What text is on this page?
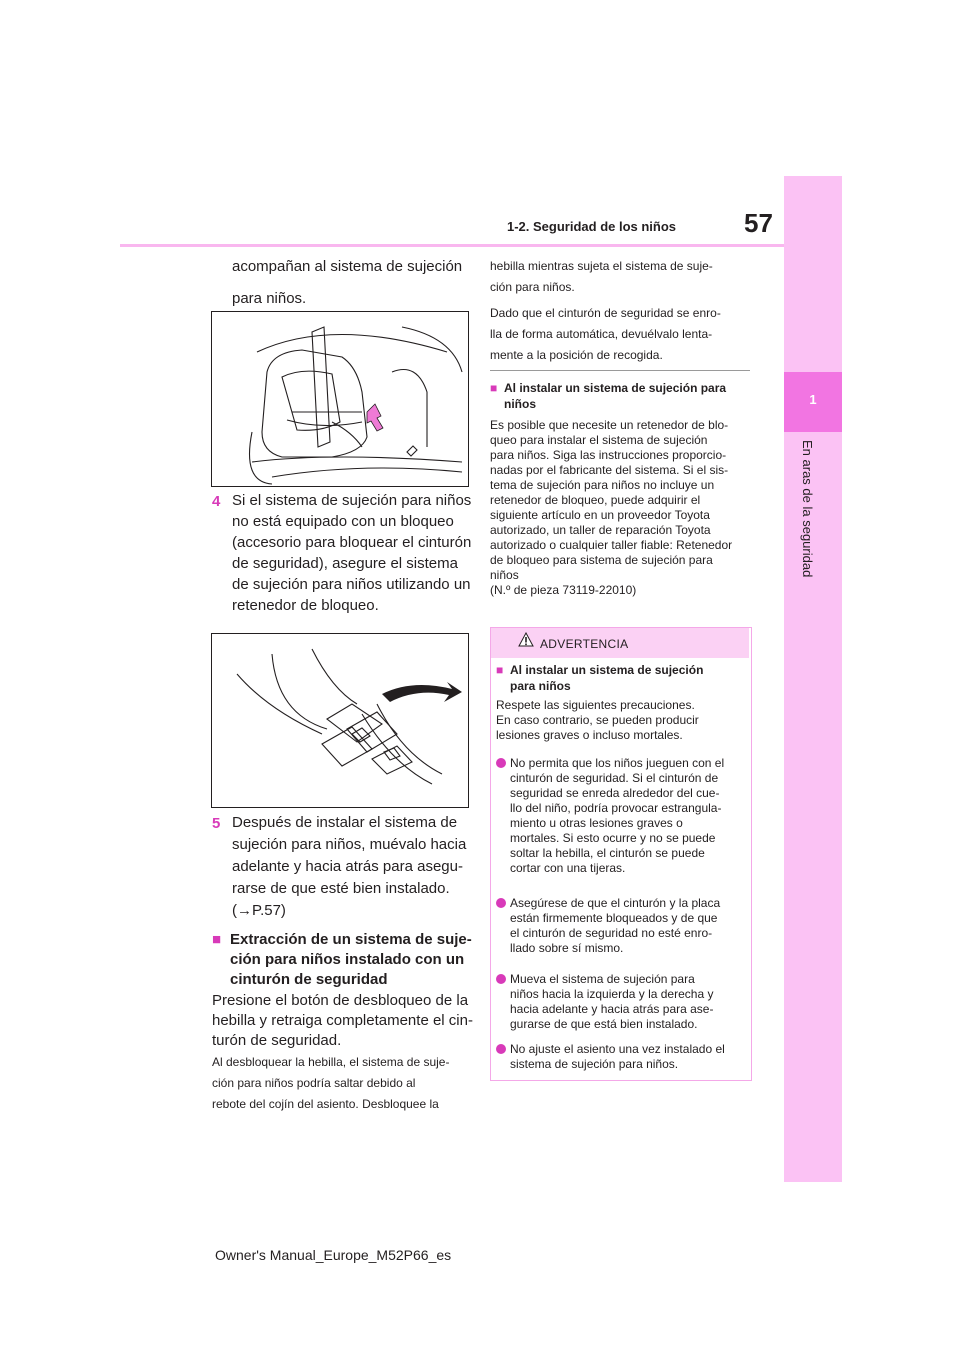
1-2. Seguridad de los niños	57
1
En aras de la seguridad
acompañan al sistema de sujeción
para niños.
4 Si el sistema de sujeción para niños
no está equipado con un bloqueo
(accesorio para bloquear el cinturón
de seguridad), asegure el sistema
de sujeción para niños utilizando un
retenedor de bloqueo.
5 Después de instalar el sistema de
sujeción para niños, muévalo hacia
adelante y hacia atrás para asegu-
rarse de que esté bien instalado.
(→P.57)
■ Extracción de un sistema de suje-
ción para niños instalado con un
cinturón de seguridad
Presione el botón de desbloqueo de la
hebilla y retraiga completamente el cin-
turón de seguridad.
Al desbloquear la hebilla, el sistema de suje-
ción para niños podría saltar debido al
rebote del cojín del asiento. Desbloquee la
hebilla mientras sujeta el sistema de suje-
ción para niños.
Dado que el cinturón de seguridad se enro-
lla de forma automática, devuélvalo lenta-
mente a la posición de recogida.
■ Al instalar un sistema de sujeción para
niños
Es posible que necesite un retenedor de blo-
queo para instalar el sistema de sujeción
para niños. Siga las instrucciones proporcio-
nadas por el fabricante del sistema. Si el sis-
tema de sujeción para niños no incluye un
retenedor de bloqueo, puede adquirir el
siguiente artículo en un proveedor Toyota
autorizado, un taller de reparación Toyota
autorizado o cualquier taller fiable: Retenedor
de bloqueo para sistema de sujeción para
niños
(N.º de pieza 73119-22010)
ADVERTENCIA
■ Al instalar un sistema de sujeción
para niños
Respete las siguientes precauciones.
En caso contrario, se pueden producir
lesiones graves o incluso mortales.
No permita que los niños jueguen con el
cinturón de seguridad. Si el cinturón de
seguridad se enreda alrededor del cue-
llo del niño, podría provocar estrangula-
miento u otras lesiones graves o
mortales. Si esto ocurre y no se puede
soltar la hebilla, el cinturón se puede
cortar con una tijeras.
Asegúrese de que el cinturón y la placa
están firmemente bloqueados y de que
el cinturón de seguridad no esté enro-
llado sobre sí mismo.
Mueva el sistema de sujeción para
niños hacia la izquierda y la derecha y
hacia adelante y hacia atrás para ase-
gurarse de que está bien instalado.
No ajuste el asiento una vez instalado el
sistema de sujeción para niños.
Owner's Manual_Europe_M52P66_es
